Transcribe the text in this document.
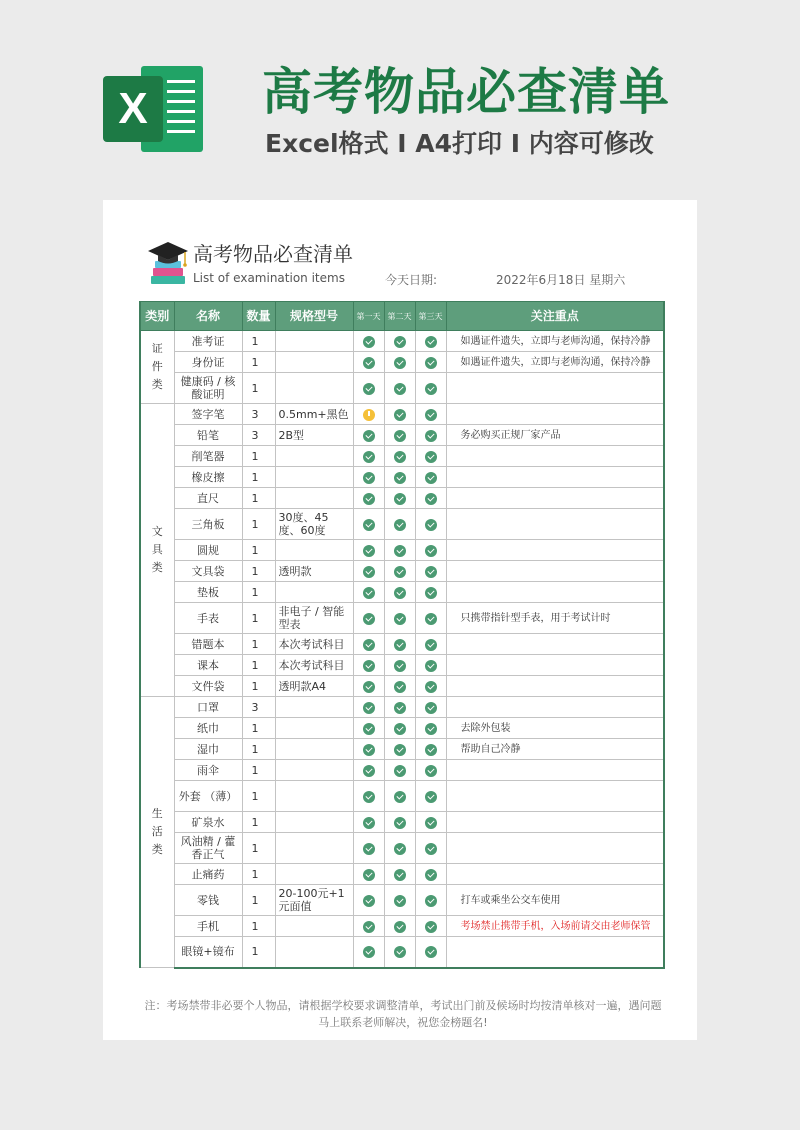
X	高考物品必查清单
Excel格式 I A4打印 I 内容可修改
高考物品必查清单
List of examination items	今天日期:	2022年6月18日 星期六
类别	名称	数量	规格型号	第一天	第二天	第三天	关注重点
证
件
类	准考证	1					如遇证件遗失，立即与老师沟通，保持冷静
	身份证	1					如遇证件遗失，立即与老师沟通，保持冷静
	健康码 / 核酸证明	1					
文
具
类	签字笔	3	0.5mm+黑色				
	铅笔	3	2B型				务必购买正规厂家产品
	削笔器	1					
	橡皮擦	1					
	直尺	1					
	三角板	1	30度、45度、60度				
	圆规	1					
	文具袋	1	透明款				
	垫板	1					
	手表	1	非电子 / 智能型表				只携带指针型手表，用于考试计时
	错题本	1	本次考试科目				
	课本	1	本次考试科目				
	文件袋	1	透明款A4				
生
活
类	口罩	3					
	纸巾	1					去除外包装
	湿巾	1					帮助自己冷静
	雨伞	1					
	外套 （薄）	1					
	矿泉水	1					
	风油精 / 藿香正气	1					
	止痛药	1					
	零钱	1	20-100元+1元面值				打车或乘坐公交车使用
	手机	1					考场禁止携带手机，入场前请交由老师保管
	眼镜+镜布	1					
注：考场禁带非必要个人物品，请根据学校要求调整清单，考试出门前及候场时均按清单核对一遍，遇问题马上联系老师解决，祝您金榜题名!
